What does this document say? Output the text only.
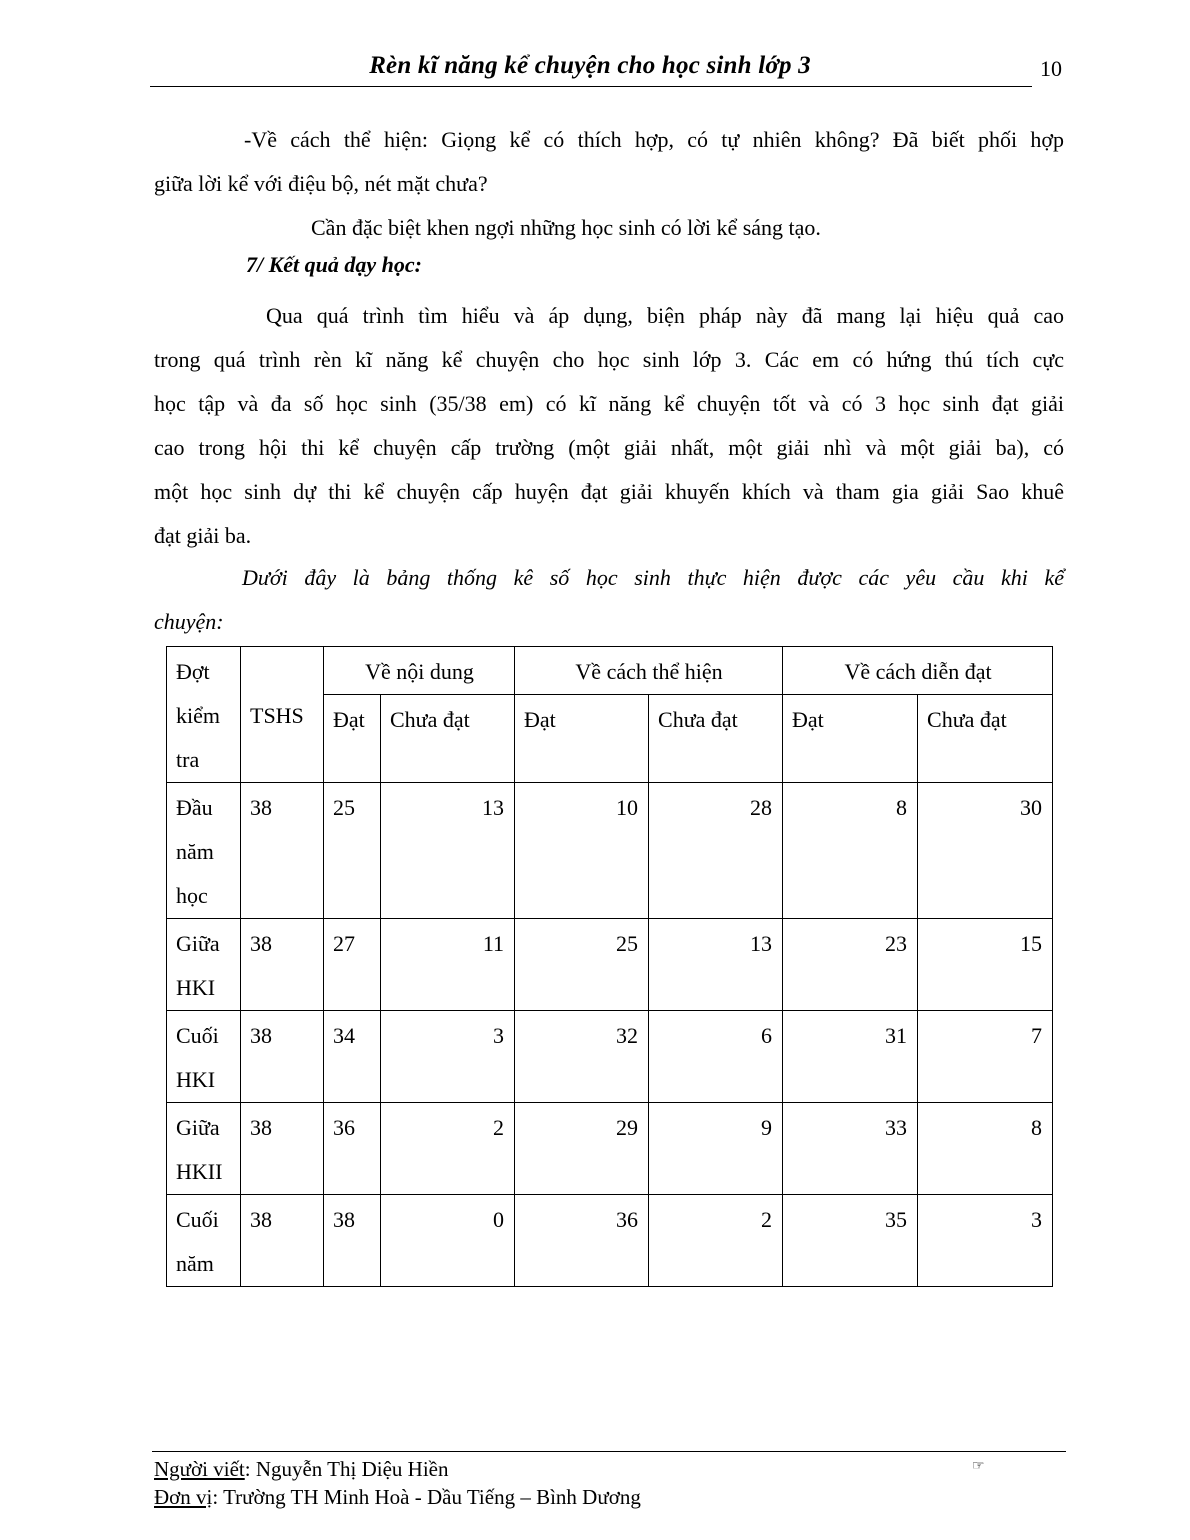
Rèn kĩ năng kể chuyện cho học sinh lớp 3	10
-Về cách thể hiện: Giọng kể có thích hợp, có tự nhiên không? Đã biết phối hợp
giữa lời kể với điệu bộ, nét mặt chưa?
Cần đặc biệt khen ngợi những học sinh có lời kể sáng tạo.
7/ Kết quả dạy học:
Qua quá trình tìm hiểu và áp dụng, biện pháp này đã mang lại hiệu quả cao
trong quá trình rèn kĩ năng kể chuyện cho học sinh lớp 3. Các em có hứng thú tích cực
học tập và đa số học sinh (35/38 em) có kĩ năng kể chuyện tốt và có 3 học sinh đạt giải
cao trong hội thi kể chuyện cấp trường (một giải nhất, một giải nhì và một giải ba), có
một học sinh dự thi kể chuyện cấp huyện đạt giải khuyến khích và tham gia giải Sao khuê
đạt giải ba.
Dưới đây là bảng thống kê số học sinh thực hiện được các yêu cầu khi kể
chuyện:
Đợt kiểm tra	TSHS	Về nội dung		Về cách thể hiện		Về cách diễn đạt	
		Đạt	Chưa đạt	Đạt	Chưa đạt	Đạt	Chưa đạt
Đầu năm học	38	25	13	10	28	8	30
Giữa HKI	38	27	11	25	13	23	15
Cuối HKI	38	34	3	32	6	31	7
Giữa HKII	38	36	2	29	9	33	8
Cuối năm	38	38	0	36	2	35	3
Người viết: Nguyễn Thị Diệu Hiền	☞
Đơn vị: Trường TH Minh Hoà - Dầu Tiếng – Bình Dương
